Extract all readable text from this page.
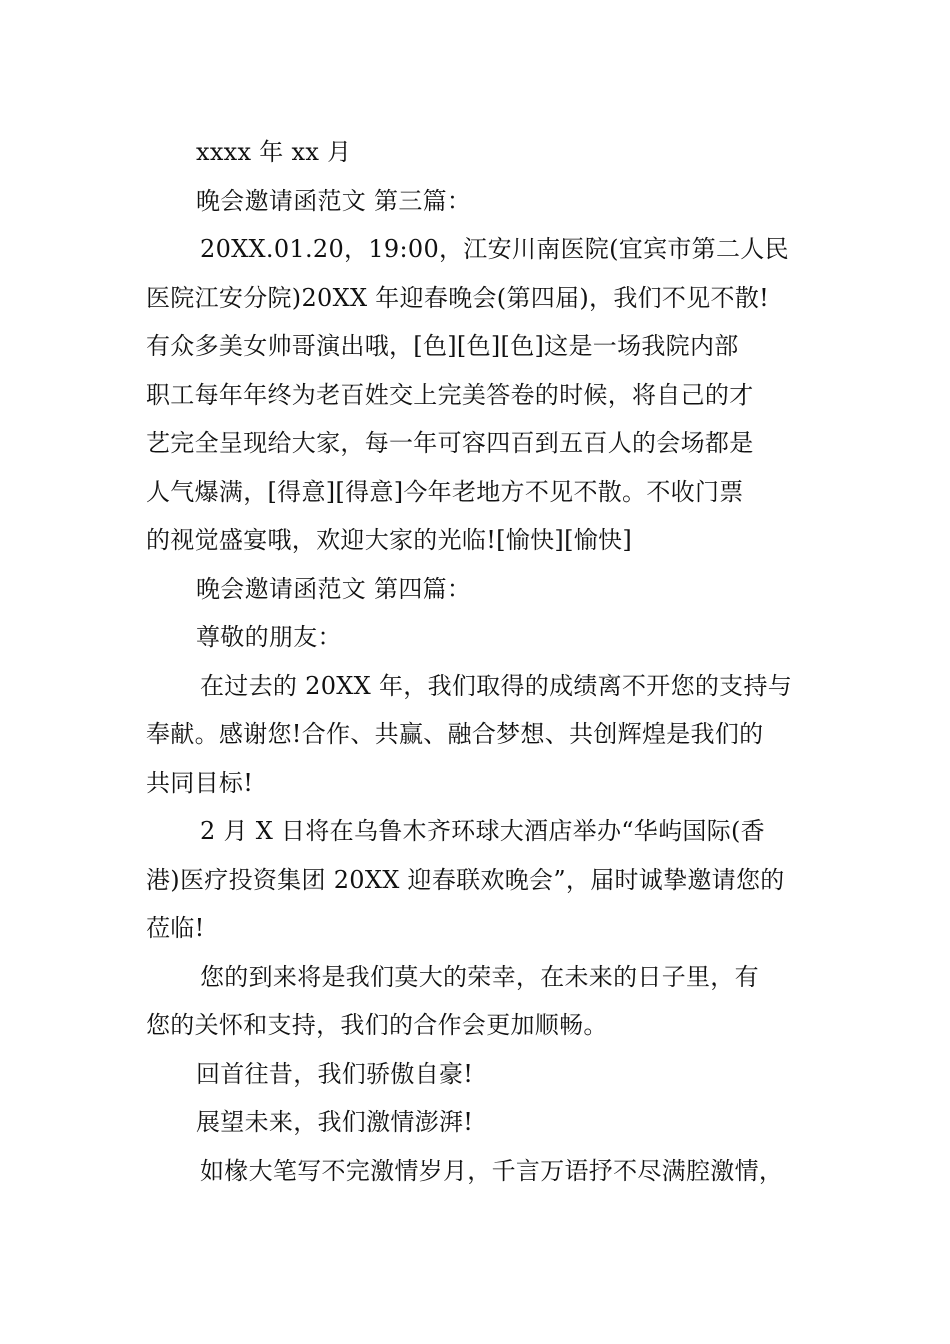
xxxx 年 xx 月
晚会邀请函范文 第三篇：
20XX.01.20，19:00，江安川南医院(宜宾市第二人民
医院江安分院)20XX 年迎春晚会(第四届)，我们不见不散!
有众多美女帅哥演出哦，[色][色][色]这是一场我院内部
职工每年年终为老百姓交上完美答卷的时候，将自己的才
艺完全呈现给大家，每一年可容四百到五百人的会场都是
人气爆满，[得意][得意]今年老地方不见不散。不收门票
的视觉盛宴哦，欢迎大家的光临![愉快][愉快]
晚会邀请函范文 第四篇：
尊敬的朋友：
在过去的 20XX 年，我们取得的成绩离不开您的支持与
奉献。感谢您!合作、共赢、融合梦想、共创辉煌是我们的
共同目标!
2 月 X 日将在乌鲁木齐环球大酒店举办“华屿国际(香
港)医疗投资集团 20XX 迎春联欢晚会”，届时诚挚邀请您的
莅临!
您的到来将是我们莫大的荣幸，在未来的日子里，有
您的关怀和支持，我们的合作会更加顺畅。
回首往昔，我们骄傲自豪!
展望未来，我们激情澎湃!
如椽大笔写不完激情岁月，千言万语抒不尽满腔激情，
